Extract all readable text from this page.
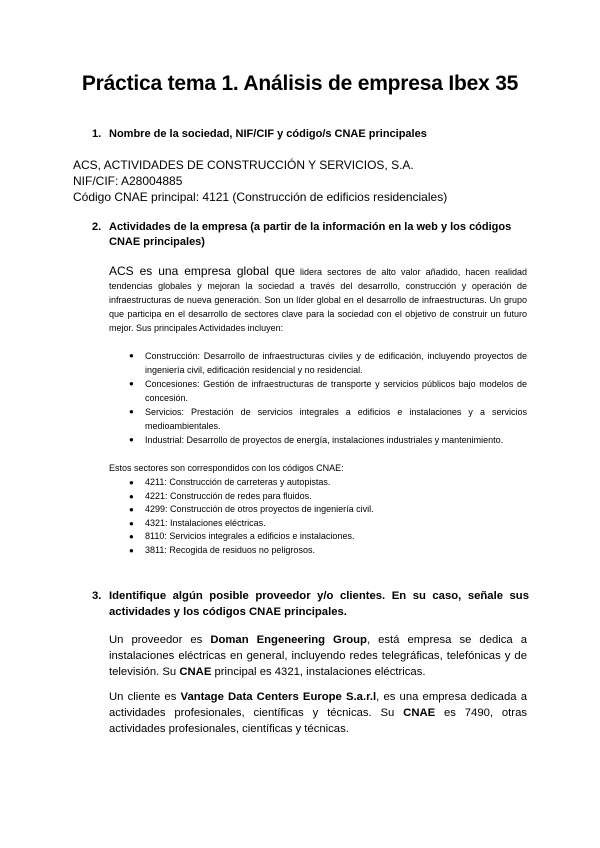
Práctica tema 1. Análisis de empresa Ibex 35
1. Nombre de la sociedad, NIF/CIF y código/s CNAE principales
ACS, ACTIVIDADES DE CONSTRUCCIÓN Y SERVICIOS, S.A.
NIF/CIF: A28004885
Código CNAE principal: 4121 (Construcción de edificios residenciales)
2. Actividades de la empresa (a partir de la información en la web y los códigos
CNAE principales)
ACS es una empresa global que lidera sectores de alto valor añadido, hacen realidad tendencias globales y mejoran la sociedad a través del desarrollo, construcción y operación de infraestructuras de nueva generación. Son un líder global en el desarrollo de infraestructuras. Un grupo que participa en el desarrollo de sectores clave para la sociedad con el objetivo de construir un futuro mejor. Sus principales Actividades incluyen:
● Construcción: Desarrollo de infraestructuras civiles y de edificación, incluyendo proyectos de ingeniería civil, edificación residencial y no residencial.
● Concesiones: Gestión de infraestructuras de transporte y servicios públicos bajo modelos de concesión.
● Servicios: Prestación de servicios integrales a edificios e instalaciones y a servicios medioambientales.
● Industrial: Desarrollo de proyectos de energía, instalaciones industriales y mantenimiento.
Estos sectores son correspondidos con los códigos CNAE:
● 4211: Construcción de carreteras y autopistas.
● 4221: Construcción de redes para fluidos.
● 4299: Construcción de otros proyectos de ingeniería civil.
● 4321: Instalaciones eléctricas.
● 8110: Servicios integrales a edificios e instalaciones.
● 3811: Recogida de residuos no peligrosos.
3. Identifique algún posible proveedor y/o clientes. En su caso, señale sus
actividades y los códigos CNAE principales.
Un proveedor es Doman Engeneering Group, está empresa se dedica a instalaciones eléctricas en general, incluyendo redes telegráficas, telefónicas y de televisión. Su CNAE principal es 4321, instalaciones eléctricas.
Un cliente es Vantage Data Centers Europe S.a.r.l, es una empresa dedicada a actividades profesionales, científicas y técnicas. Su CNAE es 7490, otras actividades profesionales, científicas y técnicas.
